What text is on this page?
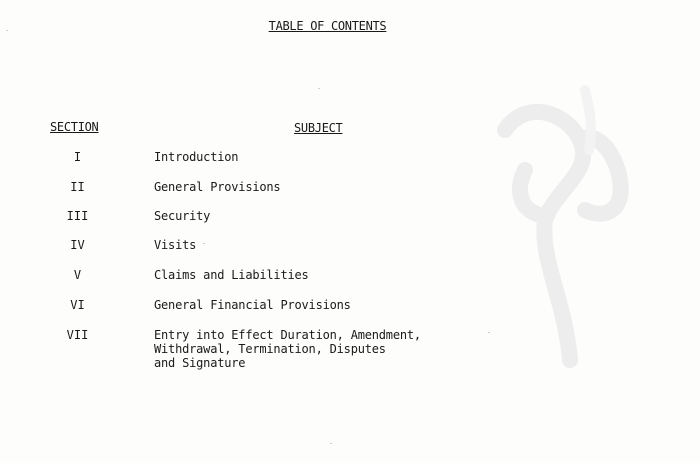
TABLE OF CONTENTS
SECTION	SUBJECT
I	Introduction
II	General Provisions
III	Security
IV	Visits
V	Claims and Liabilities
VI	General Financial Provisions
VII	Entry into Effect Duration, Amendment,
Withdrawal, Termination, Disputes
and Signature
